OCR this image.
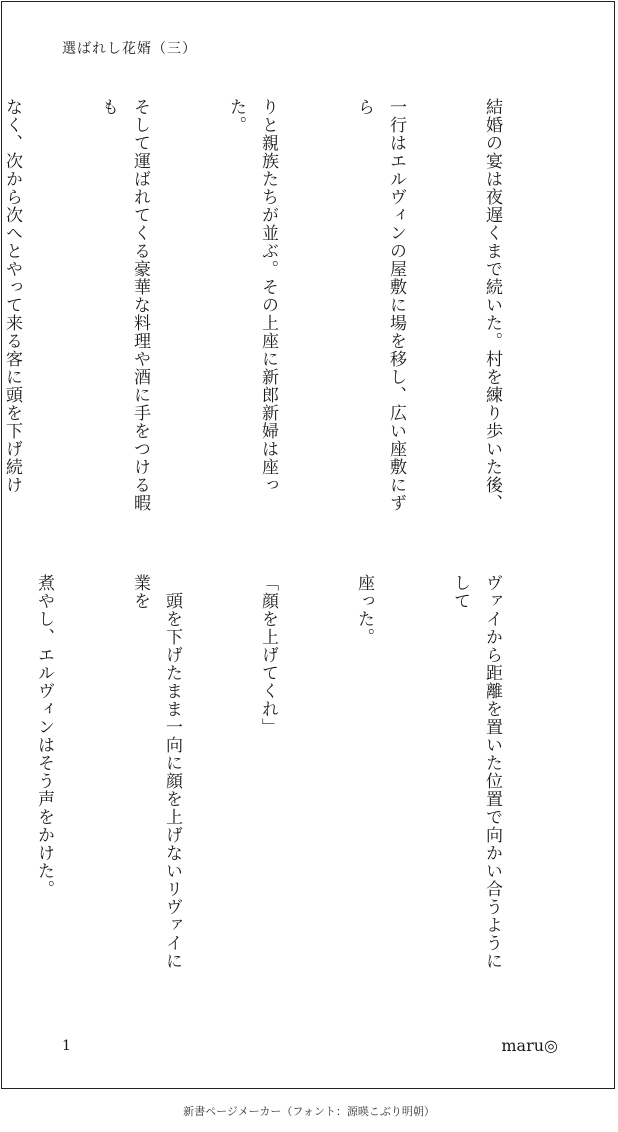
選ばれし花婿（三）

結婚の宴は夜遅くまで続いた。村を練り歩いた後、

一行はエルヴィンの屋敷に場を移し、広い座敷にずら

りと親族たちが並ぶ。その上座に新郎新婦は座った。

そして運ばれてくる豪華な料理や酒に手をつける暇も

なく、次から次へとやって来る客に頭を下げ続け

ヴァイから距離を置いた位置で向かい合うようにして

座った。

「顔を上げてくれ」

　頭を下げたまま一向に顔を上げないリヴァイに業を

煮やし、エルヴィンはそう声をかけた。

1	maru◎
新書ページメーカー（フォント：源暎こぶり明朝）
